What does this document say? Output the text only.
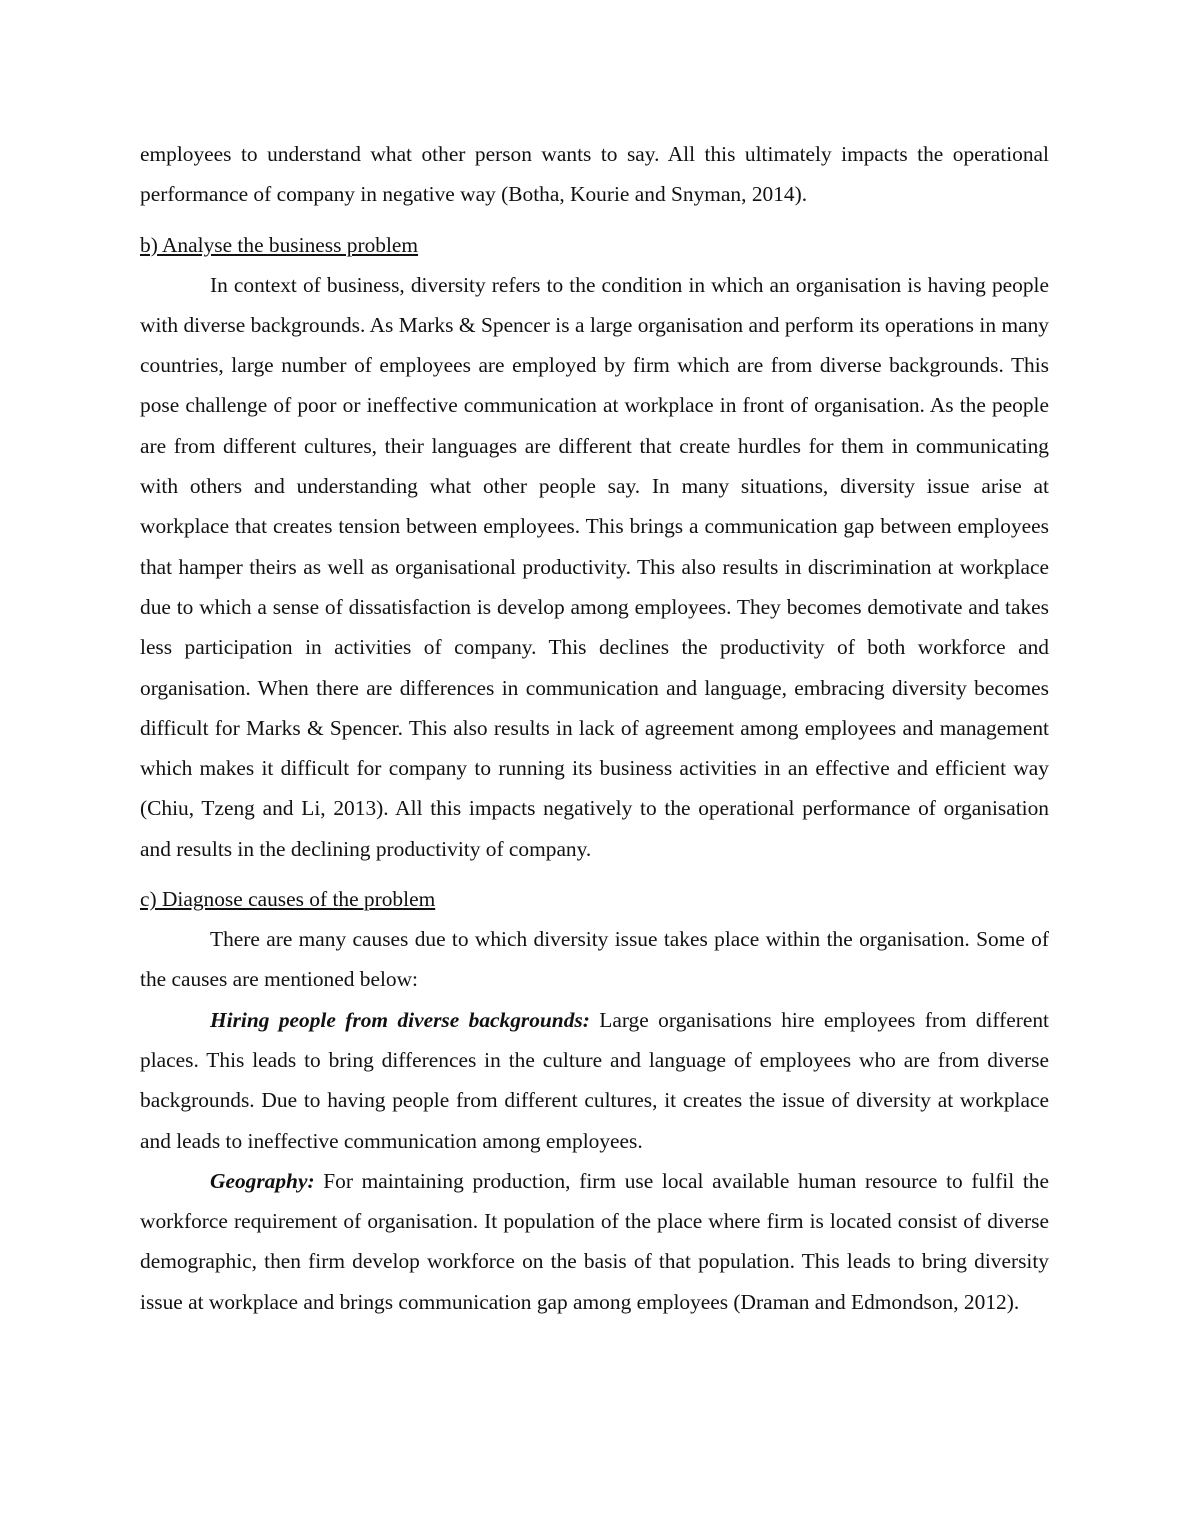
employees to understand what other person wants to say. All this ultimately impacts the operational performance of company in negative way (Botha, Kourie and Snyman, 2014).

b) Analyse the business problem

In context of business, diversity refers to the condition in which an organisation is having people with diverse backgrounds. As Marks & Spencer is a large organisation and perform its operations in many countries, large number of employees are employed by firm which are from diverse backgrounds. This pose challenge of poor or ineffective communication at workplace in front of organisation. As the people are from different cultures, their languages are different that create hurdles for them in communicating with others and understanding what other people say. In many situations, diversity issue arise at workplace that creates tension between employees. This brings a communication gap between employees that hamper theirs as well as organisational productivity. This also results in discrimination at workplace due to which a sense of dissatisfaction is develop among employees. They becomes demotivate and takes less participation in activities of company. This declines the productivity of both workforce and organisation. When there are differences in communication and language, embracing diversity becomes difficult for Marks & Spencer. This also results in lack of agreement among employees and management which makes it difficult for company to running its business activities in an effective and efficient way (Chiu, Tzeng and Li, 2013). All this impacts negatively to the operational performance of organisation and results in the declining productivity of company.

c) Diagnose causes of the problem

There are many causes due to which diversity issue takes place within the organisation. Some of the causes are mentioned below:

Hiring people from diverse backgrounds: Large organisations hire employees from different places. This leads to bring differences in the culture and language of employees who are from diverse backgrounds. Due to having people from different cultures, it creates the issue of diversity at workplace and leads to ineffective communication among employees.

Geography: For maintaining production, firm use local available human resource to fulfil the workforce requirement of organisation. It population of the place where firm is located consist of diverse demographic, then firm develop workforce on the basis of that population. This leads to bring diversity issue at workplace and brings communication gap among employees (Draman and Edmondson, 2012).
